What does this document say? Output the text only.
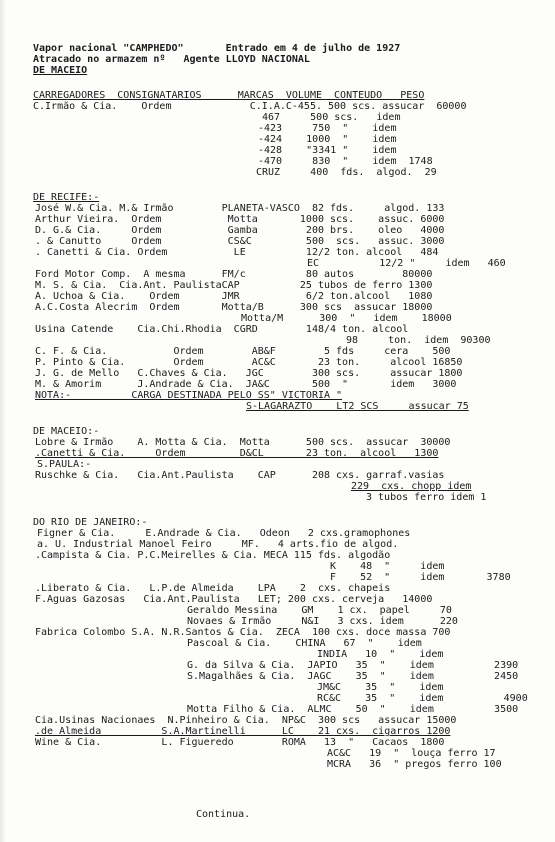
Vapor nacional "CAMPHEDO"       Entrado em 4 de julho de 1927
Atracado no armazem nº   Agente LLOYD NACIONAL
DE MACEIO
CARREGADORES  CONSIGNATARIOS      MARCAS  VOLUME  CONTEUDO   PESO
C.Irmão & Cia.    Ordem             C.I.A.C-455. 500 scs. assucar  60000
467     500 scs.   idem
-423     750  "    idem
-424    1000  "    idem
-428    "3341 "    idem
-470     830  "    idem  1748
CRUZ     400  fds.  algod.  29
DE RECIFE:-
José W.& Cia. M.& Irmão        PLANETA-VASCO  82 fds.     algod. 133
Arthur Vieira.  Ordem           Motta       1000 scs.    assuc. 6000
D. G.& Cia.     Ordem           Gamba        200 brs.    oleo   4000
. & Canutto     Ordem           CS&C         500  scs.   assuc. 3000
. Canetti & Cia. Ordem           LE          12/2 ton. alcool   484
EC          12/2 "     idem   460
Ford Motor Comp.  A mesma      FM/c          80 autos        80000
M. S. & Cia.  Cia.Ant. PaulistaCAP          25 tubos de ferro 1300
A. Uchoa & Cia.    Ordem       JMR           6/2 ton.alcool   1080
A.C.Costa Alecrim  Ordem       Motta/B      300 scs  assucar 18000
Motta/M      300  "   idem    18000
Usina Catende    Cia.Chi.Rhodia  CGRD        148/4 ton. alcool
98     ton.  idem  90300
C. F. & Cia.           Ordem        AB&F        5 fds     cera    500
P. Pinto & Cia.        Ordem        AC&C       23 ton.     alcool 16850
J. G. de Mello   C.Chaves & Cia.   JGC        300 scs.     assucar 1800
M. & Amorim      J.Andrade & Cia.  JA&C       500  "       idem   3000
NOTA:-          CARGA DESTINADA PELO SS" VICTORIA "
S-LAGARAZTO    LT2 SCS     assucar 75
DE MACEIO:-
Lobre & Irmão    A. Motta & Cia.  Motta      500 scs.  assucar  30000
.Canetti & Cia.     Ordem         D&CL       23 ton.  alcool   1300
S.PAULA:-
Ruschke & Cia.   Cia.Ant.Paulista    CAP      208 cxs. garraf.vasias
229  cxs. chopp idem
3 tubos ferro idem 1
DO RIO DE JANEIRO:-
Figner & Cia.     E.Andrade & Cia.   Odeon   2 cxs.gramophones
a. U. Industrial Manoel Feiro     MF.   4 arts.fio de algod.
.Campista & Cia. P.C.Meirelles & Cia. MECA 115 fds. algodão
K    48  "     idem
F    52  "     idem       3780
.Liberato & Cia.   L.P.de Almeida    LPA    2  cxs. chapeis
F.Aguas Gazosas   Cia.Ant.Paulista   LET; 200 cxs. cerveja   14000
Geraldo Messina    GM    1 cx.  papel     70
Novaes & Irmão     N&I   3 cxs. idem      220
Fabrica Colombo S.A. N.R.Santos & Cia.  ZECA  100 cxs. doce massa 700
Pascoal & Cia.    CHINA   67  "    idem
INDIA   10  "    idem
G. da Silva & Cia.  JAPIO   35  "    idem          2390
S.Magalhães & Cia.  JAGC    35  "    idem          2450
JM&C    35  "    idem
RC&C    35  "    idem          4900
Motta Filho & Cia.  ALMC    50  "    idem          3500
Cia.Usinas Nacionaes  N.Pinheiro & Cia.  NP&C  300 scs   assucar 15000
.de Almeida          S.A.Martinelli      LC    21 cxs.  cigarros 1200
Wine & Cia.          L. Figueredo        ROMA   13  "   Cacaos  1800
AC&C   19  "  louça ferro 17
MCRA   36  " pregos ferro 100
Continua.
